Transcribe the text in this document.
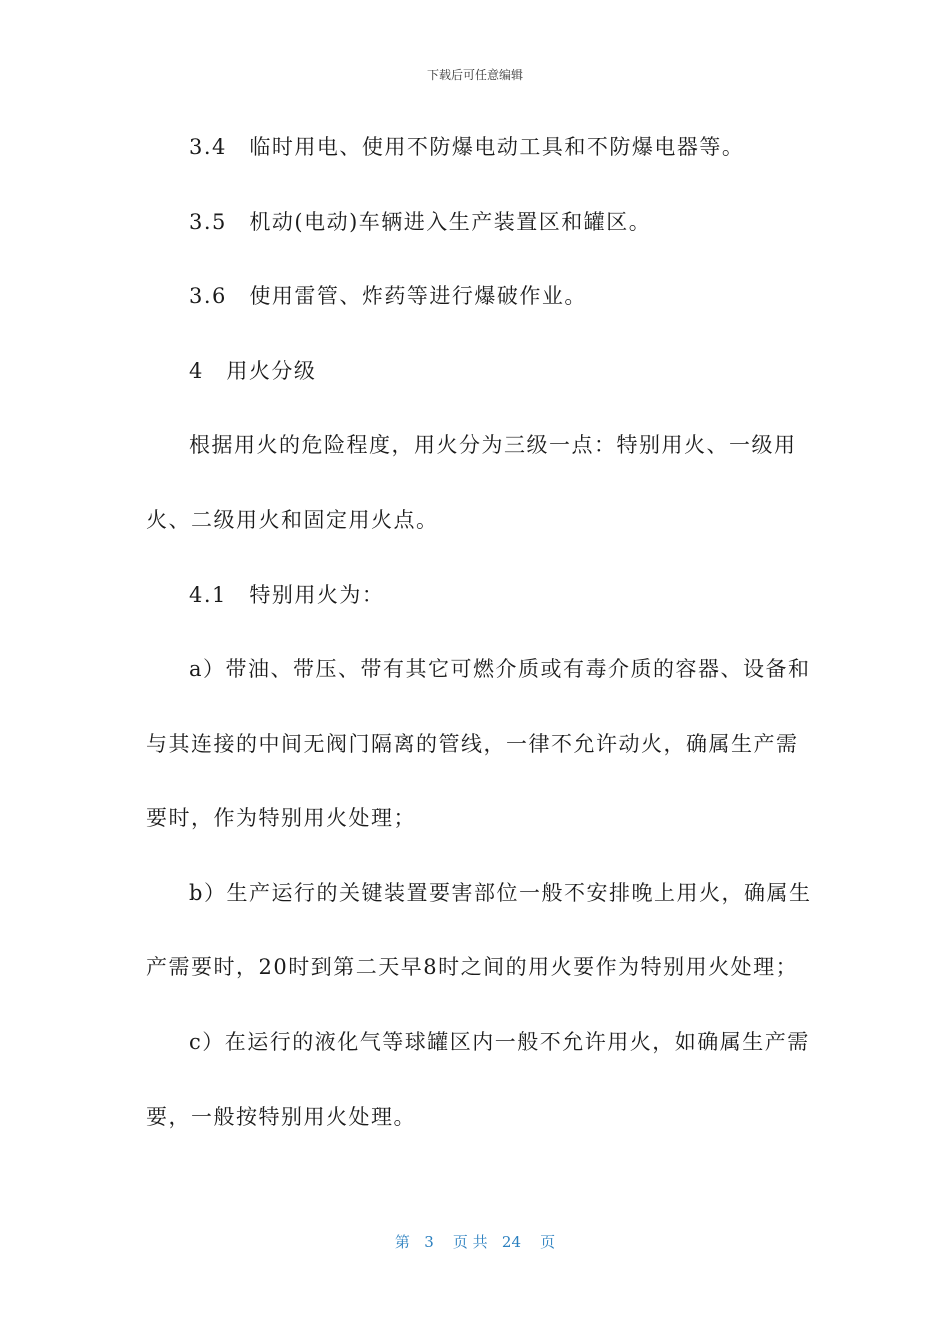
下载后可任意编辑
3.4　临时用电、使用不防爆电动工具和不防爆电器等。
3.5　机动(电动)车辆进入生产装置区和罐区。
3.6　使用雷管、炸药等进行爆破作业。
4　用火分级
根据用火的危险程度，用火分为三级一点：特别用火、一级用
火、二级用火和固定用火点。
4.1　特别用火为：
a）带油、带压、带有其它可燃介质或有毒介质的容器、设备和
与其连接的中间无阀门隔离的管线，一律不允许动火，确属生产需
要时，作为特别用火处理；
b）生产运行的关键装置要害部位一般不安排晚上用火，确属生
产需要时，20时到第二天早8时之间的用火要作为特别用火处理；
c）在运行的液化气等球罐区内一般不允许用火，如确属生产需
要，一般按特别用火处理。
第 3 页 共 24 页
